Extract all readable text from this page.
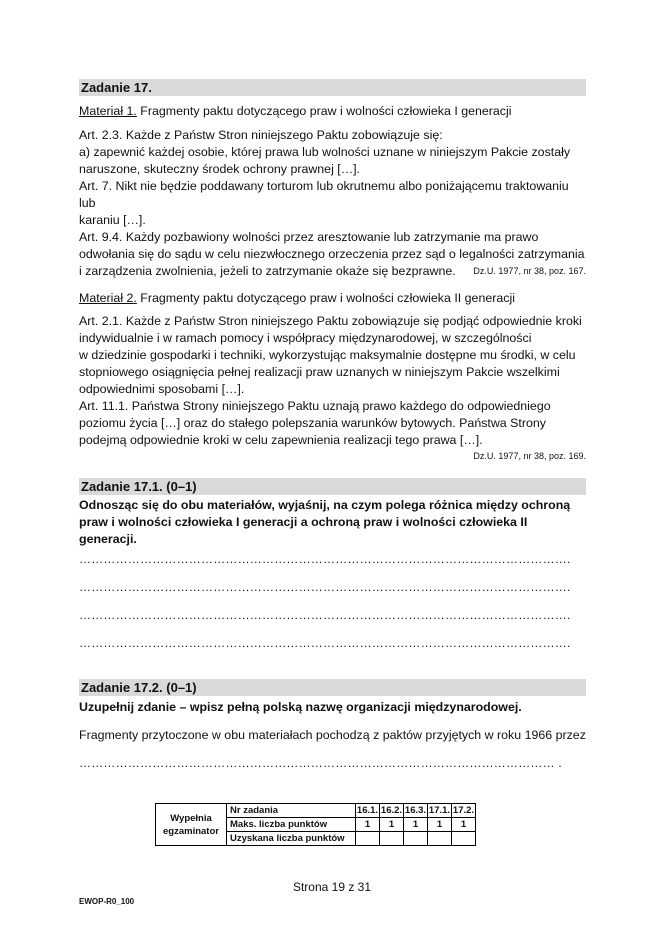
Zadanie 17.
Materiał 1. Fragmenty paktu dotyczącego praw i wolności człowieka I generacji

Art. 2.3. Każde z Państw Stron niniejszego Paktu zobowiązuje się:

a) zapewnić każdej osobie, której prawa lub wolności uznane w niniejszym Pakcie zostały

naruszone, skuteczny środek ochrony prawnej […].

Art. 7. Nikt nie będzie poddawany torturom lub okrutnemu albo poniżającemu traktowaniu lub

karaniu […].

Art. 9.4. Każdy pozbawiony wolności przez aresztowanie lub zatrzymanie ma prawo

odwołania się do sądu w celu niezwłocznego orzeczenia przez sąd o legalności zatrzymania

i zarządzenia zwolnienia, jeżeli to zatrzymanie okaże się bezprawne.	Dz.U. 1977, nr 38, poz. 167.
Materiał 2. Fragmenty paktu dotyczącego praw i wolności człowieka II generacji

Art. 2.1. Każde z Państw Stron niniejszego Paktu zobowiązuje się podjąć odpowiednie kroki

indywidualnie i w ramach pomocy i współpracy międzynarodowej, w szczególności

w dziedzinie gospodarki i techniki, wykorzystując maksymalnie dostępne mu środki, w celu

stopniowego osiągnięcia pełnej realizacji praw uznanych w niniejszym Pakcie wszelkimi

odpowiednimi sposobami […].

Art. 11.1. Państwa Strony niniejszego Paktu uznają prawo każdego do odpowiedniego

poziomu życia […] oraz do stałego polepszania warunków bytowych. Państwa Strony

podejmą odpowiednie kroki w celu zapewnienia realizacji tego prawa […].

Dz.U. 1977, nr 38, poz. 169.
Zadanie 17.1. (0–1)

Odnosząc się do obu materiałów, wyjaśnij, na czym polega różnica między ochroną

praw i wolności człowieka I generacji a ochroną praw i wolności człowieka II generacji.

………………………………………………………………………………………………………….
………………………………………………………………………………………………………….
………………………………………………………………………………………………………….
………………………………………………………………………………………………………….
Zadanie 17.2. (0–1)
Uzupełnij zdanie – wpisz pełną polską nazwę organizacji międzynarodowej.
Fragmenty przytoczone w obu materiałach pochodzą z paktów przyjętych w roku 1966 przez
……………………………………………………………………………………………………… .
Wypełnia egzaminator	Nr zadania	16.1.	16.2.	16.3.	17.1.	17.2.
	Maks. liczba punktów	1	1	1	1	1
	Uzyskana liczba punktów					
Strona 19 z 31
EWOP-R0_100
